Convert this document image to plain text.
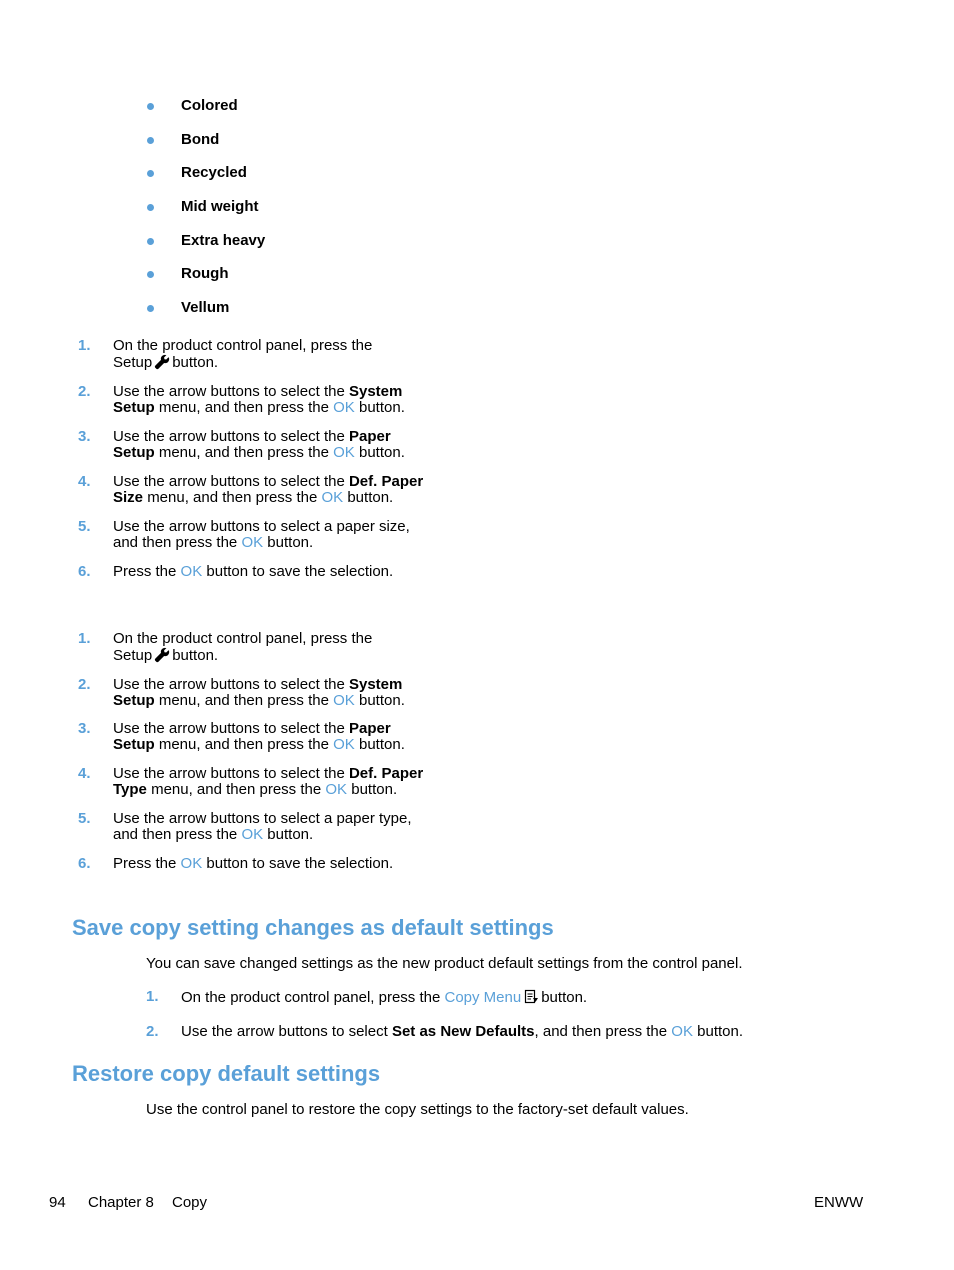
Colored
Bond
Recycled
Mid weight
Extra heavy
Rough
Vellum
1. On the product control panel, press the
Setup button.
2. Use the arrow buttons to select the System
Setup menu, and then press the OK button.
3. Use the arrow buttons to select the Paper
Setup menu, and then press the OK button.
4. Use the arrow buttons to select the Def. Paper
Size menu, and then press the OK button.
5. Use the arrow buttons to select a paper size,
and then press the OK button.
6. Press the OK button to save the selection.
1. On the product control panel, press the
Setup button.
2. Use the arrow buttons to select the System
Setup menu, and then press the OK button.
3. Use the arrow buttons to select the Paper
Setup menu, and then press the OK button.
4. Use the arrow buttons to select the Def. Paper
Type menu, and then press the OK button.
5. Use the arrow buttons to select a paper type,
and then press the OK button.
6. Press the OK button to save the selection.
Save copy setting changes as default settings
You can save changed settings as the new product default settings from the control panel.
1. On the product control panel, press the Copy Menu button.
2. Use the arrow buttons to select Set as New Defaults, and then press the OK button.
Restore copy default settings
Use the control panel to restore the copy settings to the factory-set default values.
94 Chapter 8 Copy	ENWW
